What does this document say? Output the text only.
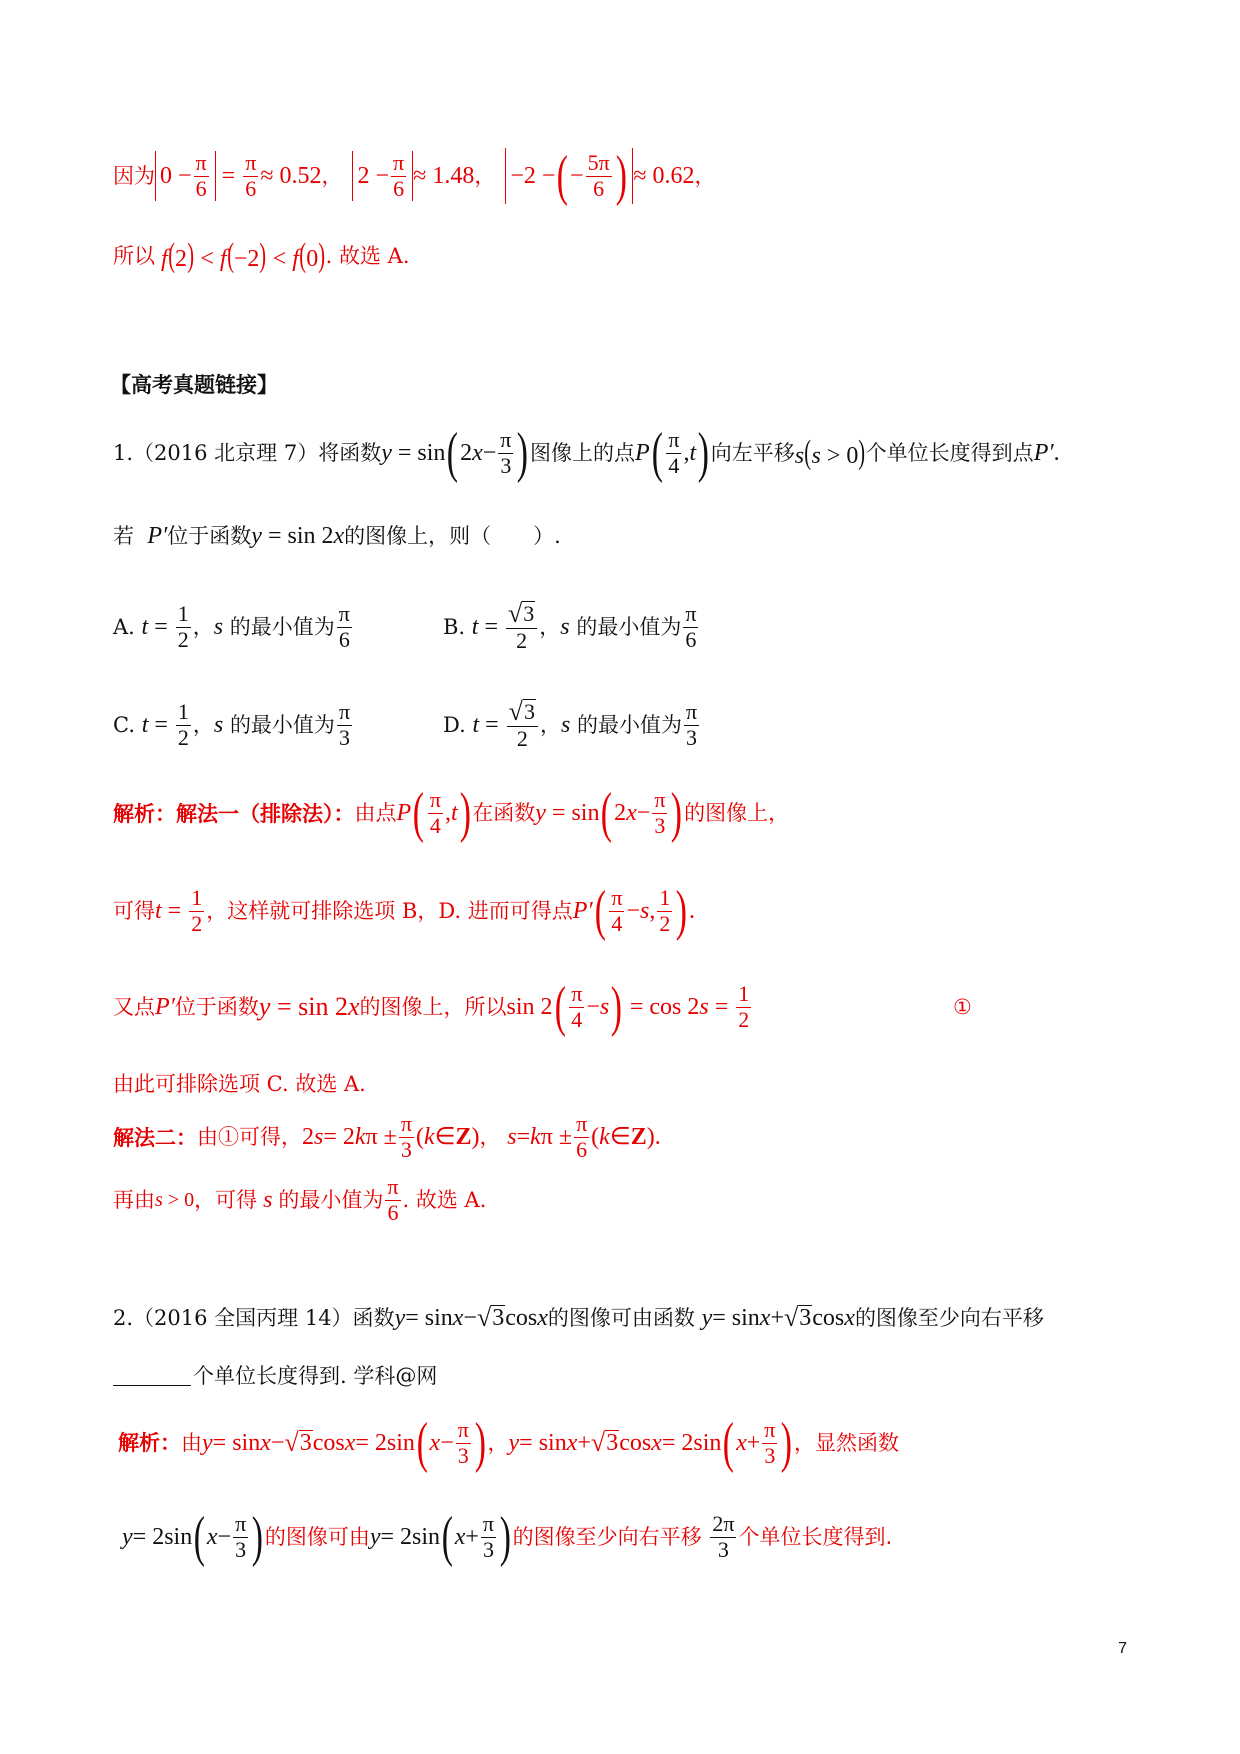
因为 $0 - \frac{\pi}{6} = \frac{\pi}{6} \approx 0.52$ ， $2 - \frac{\pi}{6} \approx 1.48$ ， −2 − ( − $\frac{5\pi}{6}$ ) ≈ 0.62 ，
所以 f(2) < f(−2) < f(0) . 故选 A.
【高考真题链接】
1.（2016 北京理 7）将函数 y = sin ( 2 $x - \frac{\pi}{3}$ ) 图像上的点 P ( $\frac{\pi}{4}$ , t ) 向左平移 s(s > 0) 个单位长度得到点 P′ .
若
P′ 位于函数 y = sin 2x 的图像上，则（　　）.
A.
$t = \frac{1}{2}$ ， s
的最小值为 $\frac{\pi}{6}$	B.
$t = \frac{√ 3}{2}$ ， s
的最小值为 $\frac{\pi}{6}$
C.
$t = \frac{1}{2}$ ， s
的最小值为 $\frac{\pi}{3}$	D.
$t = \frac{√ 3}{2}$ ， s
的最小值为 $\frac{\pi}{3}$
解析：解法一（排除法）： 由点 P ( $\frac{\pi}{4}$ , t ) 在函数 y = sin ( 2 $x - \frac{\pi}{3}$ ) 的图像上，
可得 $t = \frac{1}{2}$ ，这样就可排除选项 B，D. 进而可得点 P′ ( $\frac{\pi}{4} - s$ , $\frac{1}{2}$ ) .
又点 P′ 位于函数 y = sin 2x 的图像上，所以 sin 2 ( $\frac{\pi}{4} - s$ ) = cos 2 $s = \frac{1}{2}$	①
由此可排除选项 C. 故选 A.
解法二： 由①可得， 2 s = 2 k $\pi \pm \frac{\pi}{3}$ ( k ∈ Z ) ，
s = k $\pi \pm \frac{\pi}{6}$ ( k ∈ Z ).
再由 s > 0 ，可得 s 的最小值为 $\frac{\pi}{6}$ . 故选 A.
2.（2016 全国丙理 14）函数 y = sin x − √ 3 cos x 的图像可由函数
y = sin x + √ 3 cos x 的图像至少向右平移
个单位长度得到. 学科@网
解析： 由 y = sin x − √ 3 cos x = 2sin ( $x - \frac{\pi}{3}$ ) ， y = sin x + √ 3 cos x = 2sin ( $x + \frac{\pi}{3}$ ) ，显然函数
y = 2sin ( $x - \frac{\pi}{3}$ ) 的图像可由 y = 2sin ( $x + \frac{\pi}{3}$ ) 的图像至少向右平移
$\frac{2\pi}{3}$ 个单位长度得到.
7
